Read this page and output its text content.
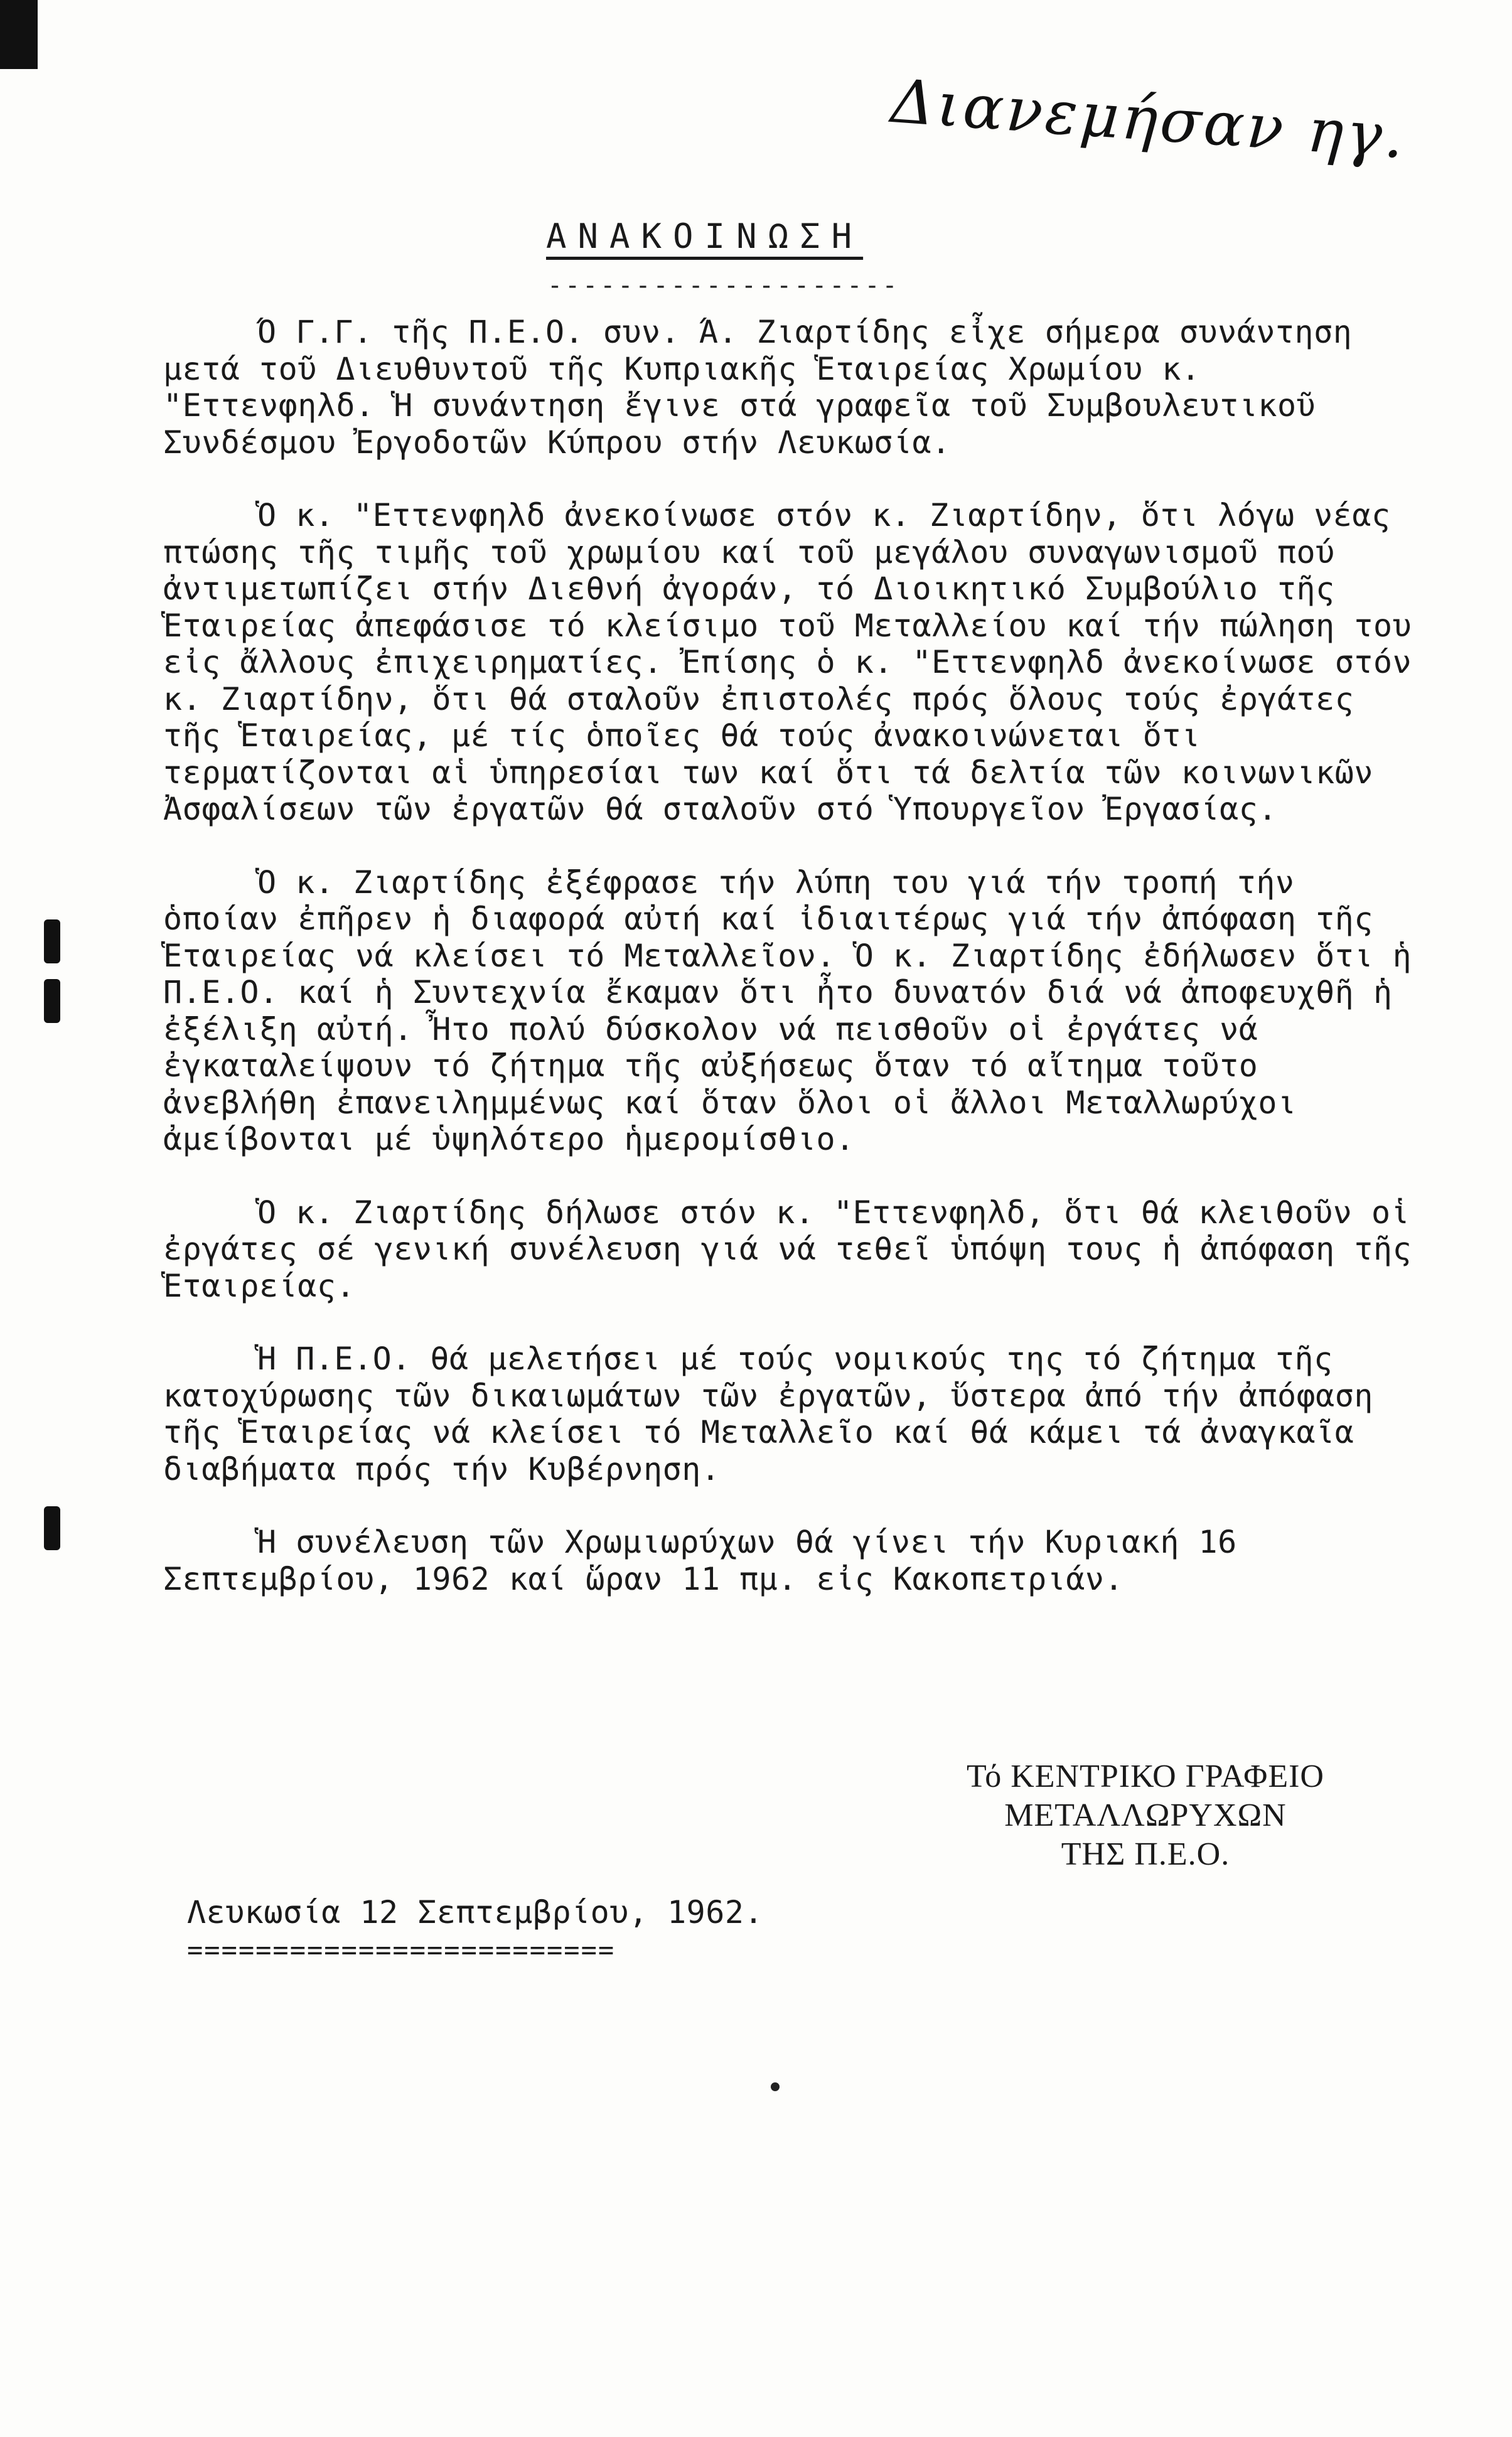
Διανεμήσαν ηγ.
ΑΝΑΚΟΙΝΩΣΗ
--------------------

Ό Γ.Γ. τῆς Π.Ε.Ο. συν. Ά. Ζιαρτίδης εἶχε σήμερα συνάντηση μετά τοῦ Διευθυντοῦ τῆς Κυπριακῆς Ἑταιρείας Χρωμίου κ. "Εττενφηλδ. Ἡ συνάντηση ἔγινε στά γραφεῖα τοῦ Συμβουλευτικοῦ Συνδέσμου Ἐργοδοτῶν Κύπρου στήν Λευκωσία.

Ὁ κ. "Εττενφηλδ ἀνεκοίνωσε στόν κ. Ζιαρτίδην, ὅτι λόγω νέας πτώσης τῆς τιμῆς τοῦ χρωμίου καί τοῦ μεγάλου συναγωνισμοῦ πού ἀντιμετωπίζει στήν Διεθνή ἀγοράν, τό Διοικητικό Συμβούλιο τῆς Ἑταιρείας ἀπεφάσισε τό κλείσιμο τοῦ Μεταλλείου καί τήν πώληση του εἰς ἄλλους ἐπιχειρηματίες. Ἐπίσης ὁ κ. "Εττενφηλδ ἀνεκοίνωσε στόν κ. Ζιαρτίδην, ὅτι θά σταλοῦν ἐπιστολές πρός ὅλους τούς ἐργάτες τῆς Ἑταιρείας, μέ τίς ὁποῖες θά τούς ἀνακοινώνεται ὅτι τερματίζονται αἱ ὑπηρεσίαι των καί ὅτι τά δελτία τῶν κοινωνικῶν Ἀσφαλίσεων τῶν ἐργατῶν θά σταλοῦν στό Ὑπουργεῖον Ἐργασίας.

Ὁ κ. Ζιαρτίδης ἐξέφρασε τήν λύπη του γιά τήν τροπή τήν ὁποίαν ἐπῆρεν ἡ διαφορά αὐτή καί ἰδιαιτέρως γιά τήν ἀπόφαση τῆς Ἑταιρείας νά κλείσει τό Μεταλλεῖον. Ὁ κ. Ζιαρτίδης ἐδήλωσεν ὅτι ἡ Π.Ε.Ο. καί ἡ Συντεχνία ἔκαμαν ὅτι ἦτο δυνατόν διά νά ἀποφευχθῆ ἡ ἐξέλιξη αὐτή. Ἦτο πολύ δύσκολον νά πεισθοῦν οἱ ἐργάτες νά ἐγκαταλείψουν τό ζήτημα τῆς αὐξήσεως ὅταν τό αἴτημα τοῦτο ἀνεβλήθη ἐπανειλημμένως καί ὅταν ὅλοι οἱ ἄλλοι Μεταλλωρύχοι ἀμείβονται μέ ὑψηλότερο ἡμερομίσθιο.

Ὁ κ. Ζιαρτίδης δήλωσε στόν κ. "Εττενφηλδ, ὅτι θά κλειθοῦν οἱ ἐργάτες σέ γενική συνέλευση γιά νά τεθεῖ ὑπόψη τους ἡ ἀπόφαση τῆς Ἑταιρείας.

Ἡ Π.Ε.Ο. θά μελετήσει μέ τούς νομικούς της τό ζήτημα τῆς κατοχύρωσης τῶν δικαιωμάτων τῶν ἐργατῶν, ὕστερα ἀπό τήν ἀπόφαση τῆς Ἑταιρείας νά κλείσει τό Μεταλλεῖο καί θά κάμει τά ἀναγκαῖα διαβήματα πρός τήν Κυβέρνηση.

Ἡ συνέλευση τῶν Χρωμιωρύχων θά γίνει τήν Κυριακή 16 Σεπτεμβρίου, 1962 καί ὥραν 11 πμ. εἰς Κακοπετριάν.

Τό ΚΕΝΤΡΙΚΟ ΓΡΑΦΕΙΟ ΜΕΤΑΛΛΩΡΥΧΩΝ
ΤΗΣ Π.Ε.Ο.
Λευκωσία 12 Σεπτεμβρίου, 1962.
=========================
